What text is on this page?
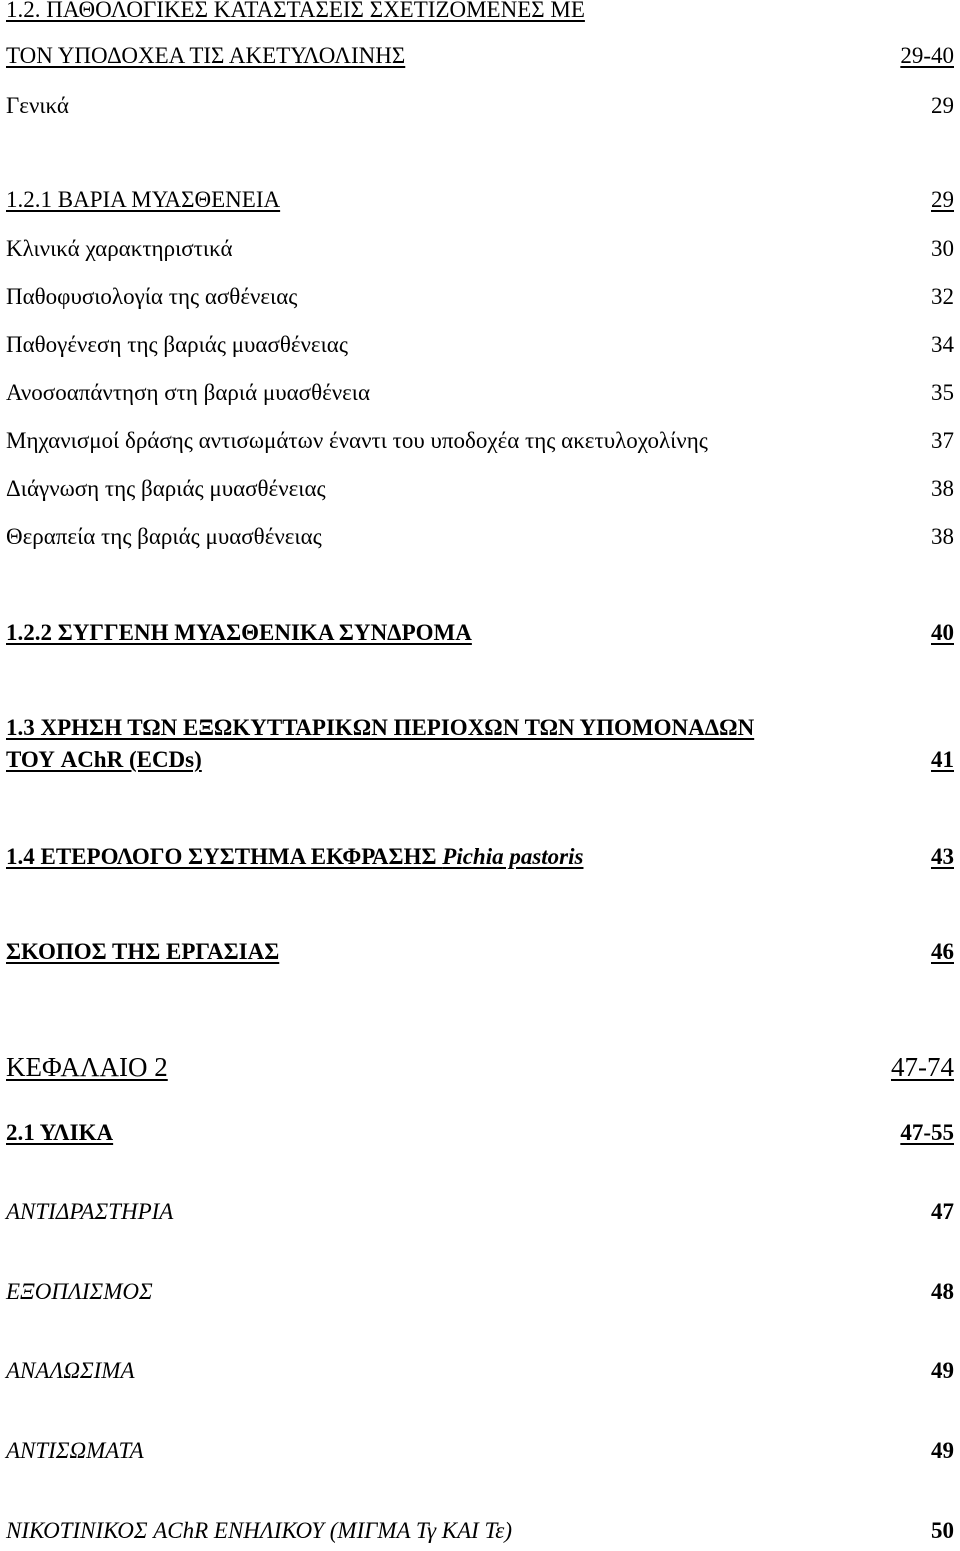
1.2. ΠΑΘΟΛΟΓΙΚΕΣ ΚΑΤΑΣΤΑΣΕΙΣ ΣΧΕΤΙΖΟΜΕΝΕΣ ΜΕ
ΤΟΝ ΥΠΟΔΟΧΕΑ ΤΙΣ ΑΚΕΤΥΛΟΛΙΝΗΣ	29-40
Γενικά	29
1.2.1 ΒΑΡΙΑ ΜΥΑΣΘΕΝΕΙΑ	29
Κλινικά χαρακτηριστικά	30
Παθοφυσιολογία της ασθένειας	32
Παθογένεση της βαριάς μυασθένειας	34
Ανοσοαπάντηση στη βαριά μυασθένεια	35
Μηχανισμοί δράσης αντισωμάτων έναντι του υποδοχέα της ακετυλοχολίνης	37
Διάγνωση της βαριάς μυασθένειας	38
Θεραπεία της βαριάς μυασθένειας	38
1.2.2 ΣΥΓΓΕΝΗ ΜΥΑΣΘΕΝΙΚΑ ΣΥΝΔΡΟΜΑ	40
1.3 ΧΡΗΣΗ ΤΩΝ ΕΞΩΚΥΤΤΑΡΙΚΩΝ ΠΕΡΙΟΧΩΝ ΤΩΝ ΥΠΟΜΟΝΑΔΩΝ
ΤΟΥ AChR (ECDs)	41
1.4 ΕΤΕΡΟΛΟΓΟ ΣΥΣΤΗΜΑ ΕΚΦΡΑΣΗΣ Pichia pastoris	43
ΣΚΟΠΟΣ ΤΗΣ ΕΡΓΑΣΙΑΣ	46
ΚΕΦΑΛΑΙΟ 2	47-74
2.1 ΥΛΙΚΑ	47-55
ΑΝΤΙΔΡΑΣΤΗΡΙΑ	47
ΕΞΟΠΛΙΣΜΟΣ	48
ΑΝΑΛΩΣΙΜΑ	49
ΑΝΤΙΣΩΜΑΤΑ	49
ΝΙΚΟΤΙΝΙΚΟΣ AChR ΕΝΗΛΙΚΟΥ (ΜΙΓΜΑ Τγ ΚΑΙ Τε)	50
